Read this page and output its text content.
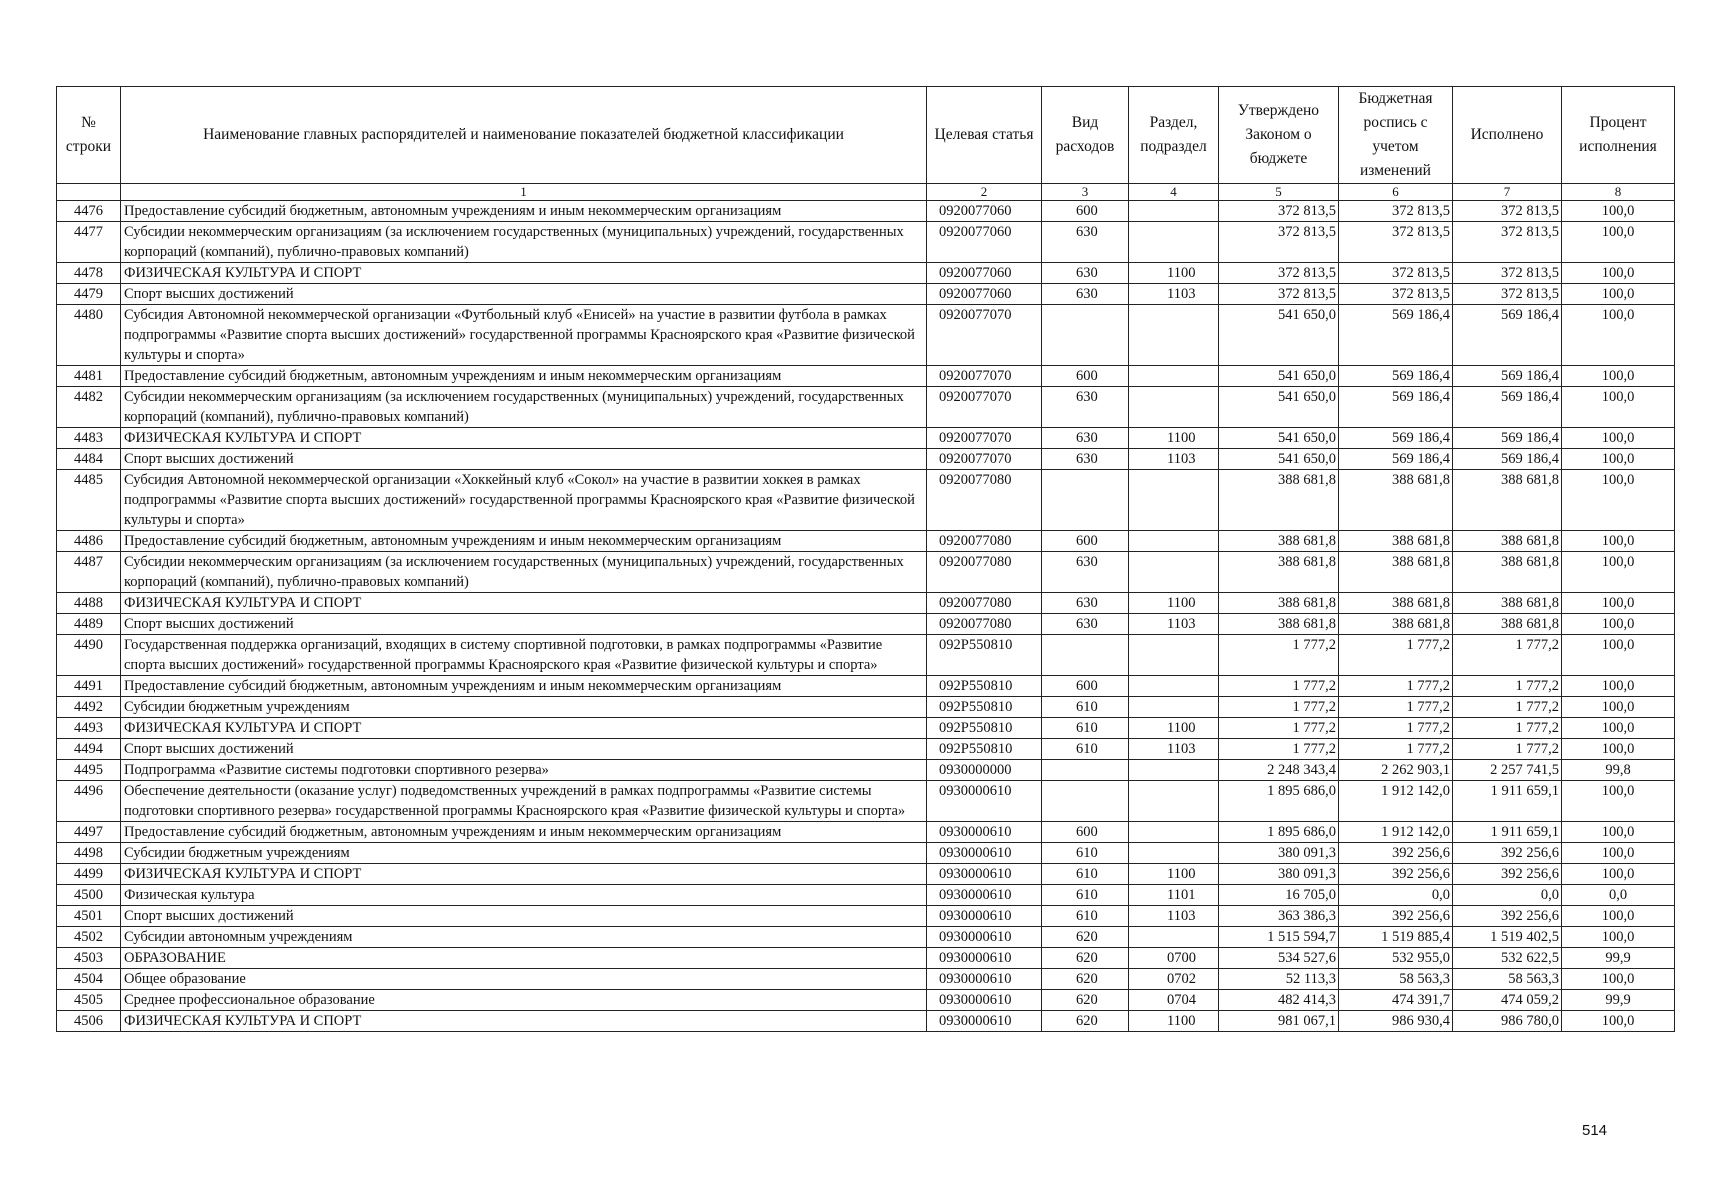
№ строки	Наименование главных распорядителей и наименование показателей бюджетной классификации	Целевая статья	Вид расходов	Раздел, подраздел	Утверждено Законом о бюджете	Бюджетная роспись с учетом изменений	Исполнено	Процент исполнения
	1	2	3	4	5	6	7	8
4476	Предоставление субсидий бюджетным, автономным учреждениям и иным некоммерческим организациям	0920077060	600		372 813,5	372 813,5	372 813,5	100,0
4477	Субсидии некоммерческим организациям (за исключением государственных (муниципальных) учреждений, государственных корпораций (компаний), публично-правовых компаний)	0920077060	630		372 813,5	372 813,5	372 813,5	100,0
4478	ФИЗИЧЕСКАЯ КУЛЬТУРА И СПОРТ	0920077060	630	1100	372 813,5	372 813,5	372 813,5	100,0
4479	Спорт высших достижений	0920077060	630	1103	372 813,5	372 813,5	372 813,5	100,0
4480	Субсидия Автономной некоммерческой организации «Футбольный клуб «Енисей» на участие в развитии футбола в рамках подпрограммы «Развитие спорта высших достижений» государственной программы Красноярского края «Развитие физической культуры и спорта»	0920077070			541 650,0	569 186,4	569 186,4	100,0
4481	Предоставление субсидий бюджетным, автономным учреждениям и иным некоммерческим организациям	0920077070	600		541 650,0	569 186,4	569 186,4	100,0
4482	Субсидии некоммерческим организациям (за исключением государственных (муниципальных) учреждений, государственных корпораций (компаний), публично-правовых компаний)	0920077070	630		541 650,0	569 186,4	569 186,4	100,0
4483	ФИЗИЧЕСКАЯ КУЛЬТУРА И СПОРТ	0920077070	630	1100	541 650,0	569 186,4	569 186,4	100,0
4484	Спорт высших достижений	0920077070	630	1103	541 650,0	569 186,4	569 186,4	100,0
4485	Субсидия Автономной некоммерческой организации «Хоккейный клуб «Сокол» на участие в развитии хоккея в рамках подпрограммы «Развитие спорта высших достижений» государственной программы Красноярского края «Развитие физической культуры и спорта»	0920077080			388 681,8	388 681,8	388 681,8	100,0
4486	Предоставление субсидий бюджетным, автономным учреждениям и иным некоммерческим организациям	0920077080	600		388 681,8	388 681,8	388 681,8	100,0
4487	Субсидии некоммерческим организациям (за исключением государственных (муниципальных) учреждений, государственных корпораций (компаний), публично-правовых компаний)	0920077080	630		388 681,8	388 681,8	388 681,8	100,0
4488	ФИЗИЧЕСКАЯ КУЛЬТУРА И СПОРТ	0920077080	630	1100	388 681,8	388 681,8	388 681,8	100,0
4489	Спорт высших достижений	0920077080	630	1103	388 681,8	388 681,8	388 681,8	100,0
4490	Государственная поддержка организаций, входящих в систему спортивной подготовки, в рамках подпрограммы «Развитие спорта высших достижений» государственной программы Красноярского края «Развитие физической культуры и спорта»	092P550810			1 777,2	1 777,2	1 777,2	100,0
4491	Предоставление субсидий бюджетным, автономным учреждениям и иным некоммерческим организациям	092P550810	600		1 777,2	1 777,2	1 777,2	100,0
4492	Субсидии бюджетным учреждениям	092P550810	610		1 777,2	1 777,2	1 777,2	100,0
4493	ФИЗИЧЕСКАЯ КУЛЬТУРА И СПОРТ	092P550810	610	1100	1 777,2	1 777,2	1 777,2	100,0
4494	Спорт высших достижений	092P550810	610	1103	1 777,2	1 777,2	1 777,2	100,0
4495	Подпрограмма «Развитие системы подготовки спортивного резерва»	0930000000			2 248 343,4	2 262 903,1	2 257 741,5	99,8
4496	Обеспечение деятельности (оказание услуг) подведомственных учреждений в рамках подпрограммы «Развитие системы подготовки спортивного резерва» государственной программы Красноярского края «Развитие физической культуры и спорта»	0930000610			1 895 686,0	1 912 142,0	1 911 659,1	100,0
4497	Предоставление субсидий бюджетным, автономным учреждениям и иным некоммерческим организациям	0930000610	600		1 895 686,0	1 912 142,0	1 911 659,1	100,0
4498	Субсидии бюджетным учреждениям	0930000610	610		380 091,3	392 256,6	392 256,6	100,0
4499	ФИЗИЧЕСКАЯ КУЛЬТУРА И СПОРТ	0930000610	610	1100	380 091,3	392 256,6	392 256,6	100,0
4500	Физическая культура	0930000610	610	1101	16 705,0	0,0	0,0	0,0
4501	Спорт высших достижений	0930000610	610	1103	363 386,3	392 256,6	392 256,6	100,0
4502	Субсидии автономным учреждениям	0930000610	620		1 515 594,7	1 519 885,4	1 519 402,5	100,0
4503	ОБРАЗОВАНИЕ	0930000610	620	0700	534 527,6	532 955,0	532 622,5	99,9
4504	Общее образование	0930000610	620	0702	52 113,3	58 563,3	58 563,3	100,0
4505	Среднее профессиональное образование	0930000610	620	0704	482 414,3	474 391,7	474 059,2	99,9
4506	ФИЗИЧЕСКАЯ КУЛЬТУРА И СПОРТ	0930000610	620	1100	981 067,1	986 930,4	986 780,0	100,0
514
